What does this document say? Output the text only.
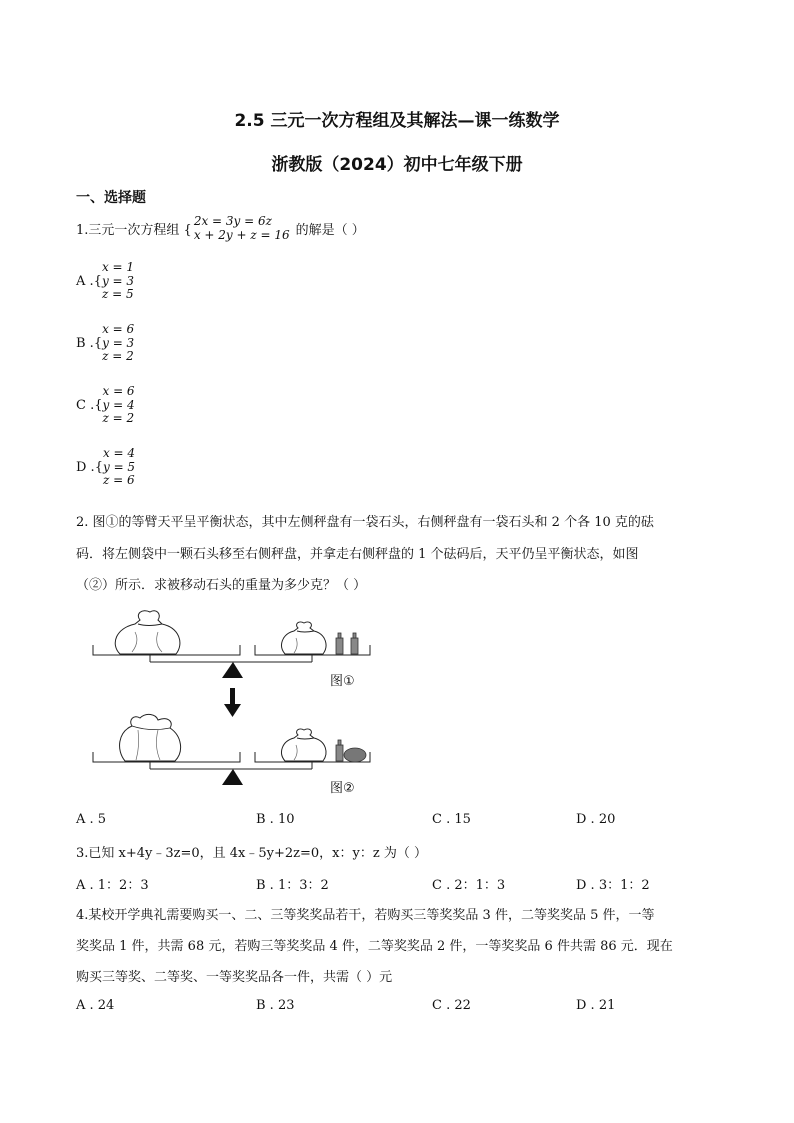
2.5 三元一次方程组及其解法—课一练数学
浙教版（2024）初中七年级下册
一、选择题
1.三元一次方程组 {
2x = 3y = 6z
x + 2y + z = 16 的解是（ ）
A .{
x = 1
y = 3
z = 5
B .{
x = 6
y = 3
z = 2
C .{
x = 6
y = 4
z = 2
D .{
x = 4
y = 5
z = 6
2. 图①的等臂天平呈平衡状态，其中左侧秤盘有一袋石头，右侧秤盘有一袋石头和 2 个各 10 克的砝
码．将左侧袋中一颗石头移至右侧秤盘，并拿走右侧秤盘的 1 个砝码后，天平仍呈平衡状态，如图
（②）所示．求被移动石头的重量为多少克？（ ）
图①
图②
A . 5	B . 10	C . 15	D . 20
3.已知 x+4y﹣3z=0，且 4x﹣5y+2z=0，x：y：z 为（ ）
A . 1：2：3	B . 1：3：2	C . 2：1：3	D . 3：1：2
4.某校开学典礼需要购买一、二、三等奖奖品若干，若购买三等奖奖品 3 件，二等奖奖品 5 件，一等
奖奖品 1 件，共需 68 元，若购三等奖奖品 4 件，二等奖奖品 2 件，一等奖奖品 6 件共需 86 元．现在
购买三等奖、二等奖、一等奖奖品各一件，共需（ ）元
A . 24	B . 23	C . 22	D . 21
